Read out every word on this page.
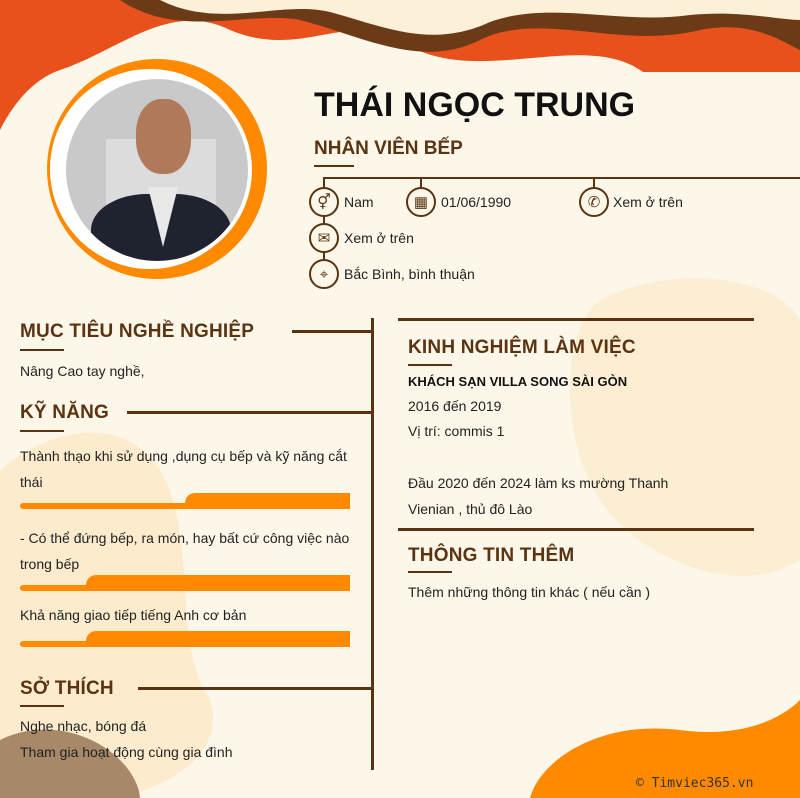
THÁI NGỌC TRUNG
NHÂN VIÊN BẾP
⚥ Nam	▦ 01/06/1990	✆ Xem ở trên
✉ Xem ở trên
⌖	Bắc Bình, bình thuận
MỤC TIÊU NGHỀ NGHIỆP
Nâng Cao tay nghề,
KỸ NĂNG
Thành thạo khi sử dụng ,dụng cụ bếp và kỹ năng cắt thái
- Có thể đứng bếp, ra món, hay bất cứ công việc nào trong bếp
Khả năng giao tiếp tiếng Anh cơ bản
SỞ THÍCH
Nghe nhạc, bóng đá
Tham gia hoạt động cùng gia đình
KINH NGHIỆM LÀM VIỆC
KHÁCH SẠN VILLA SONG SÀI GÒN
2016 đến 2019
Vị trí: commis 1
Đầu 2020 đến 2024 làm ks mường Thanh
Vienian , thủ đô Lào
THÔNG TIN THÊM
Thêm những thông tin khác ( nếu cần )
© Timviec365.vn
